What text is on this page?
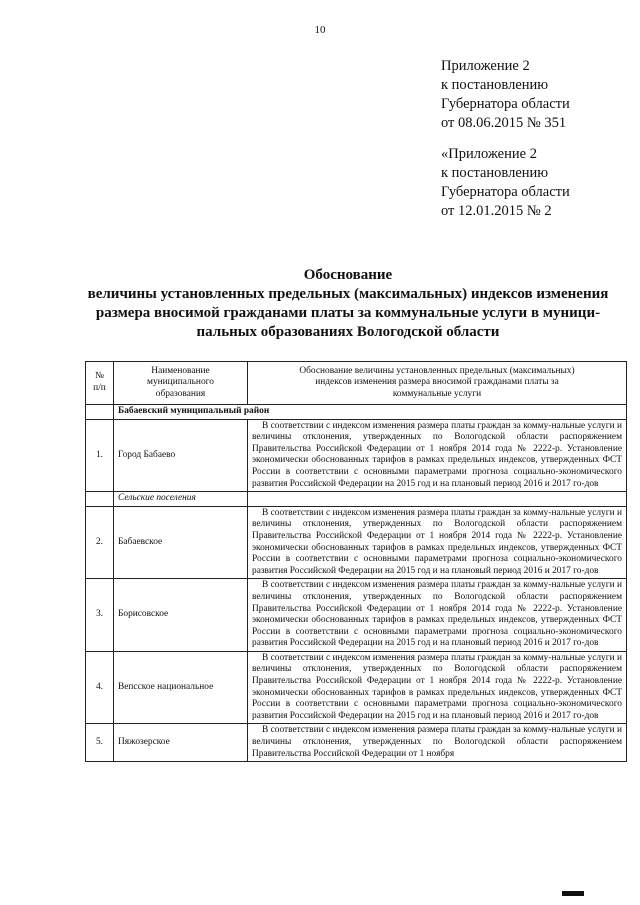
10
Приложение 2
к постановлению
Губернатора области
от 08.06.2015 № 351
«Приложение 2
к постановлению
Губернатора области
от 12.01.2015 № 2
Обоснование
величины установленных предельных (максимальных) индексов изменения
размера вносимой гражданами платы за коммунальные услуги в муници-
пальных образованиях Вологодской области
№
п/п	Наименование
муниципального
образования	Обоснование величины установленных предельных (максимальных)
индексов изменения размера вносимой гражданами платы за
коммунальные услуги
	Бабаевский муниципальный район	
1.	Город Бабаево	В соответствии с индексом изменения размера платы граждан за комму-нальные услуги и величины отклонения, утвержденных по Вологодской области распоряжением Правительства Российской Федерации от 1 ноября 2014 года № 2222-р. Установление экономически обоснованных тарифов в рамках предельных индексов, утвержденных ФСТ России в соответствии с основными параметрами прогноза социально-экономического развития Российской Федерации на 2015 год и на плановый период 2016 и 2017 го-дов
	Сельские поселения	
2.	Бабаевское	В соответствии с индексом изменения размера платы граждан за комму-нальные услуги и величины отклонения, утвержденных по Вологодской области распоряжением Правительства Российской Федерации от 1 ноября 2014 года № 2222-р. Установление экономически обоснованных тарифов в рамках предельных индексов, утвержденных ФСТ России в соответствии с основными параметрами прогноза социально-экономического развития Российской Федерации на 2015 год и на плановый период 2016 и 2017 го-дов
3.	Борисовское	В соответствии с индексом изменения размера платы граждан за комму-нальные услуги и величины отклонения, утвержденных по Вологодской области распоряжением Правительства Российской Федерации от 1 ноября 2014 года № 2222-р. Установление экономически обоснованных тарифов в рамках предельных индексов, утвержденных ФСТ России в соответствии с основными параметрами прогноза социально-экономического развития Российской Федерации на 2015 год и на плановый период 2016 и 2017 го-дов
4.	Вепсское национальное	В соответствии с индексом изменения размера платы граждан за комму-нальные услуги и величины отклонения, утвержденных по Вологодской области распоряжением Правительства Российской Федерации от 1 ноября 2014 года № 2222-р. Установление экономически обоснованных тарифов в рамках предельных индексов, утвержденных ФСТ России в соответствии с основными параметрами прогноза социально-экономического развития Российской Федерации на 2015 год и на плановый период 2016 и 2017 го-дов
5.	Пяжозерское	В соответствии с индексом изменения размера платы граждан за комму-нальные услуги и величины отклонения, утвержденных по Вологодской области распоряжением Правительства Российской Федерации от 1 ноября
